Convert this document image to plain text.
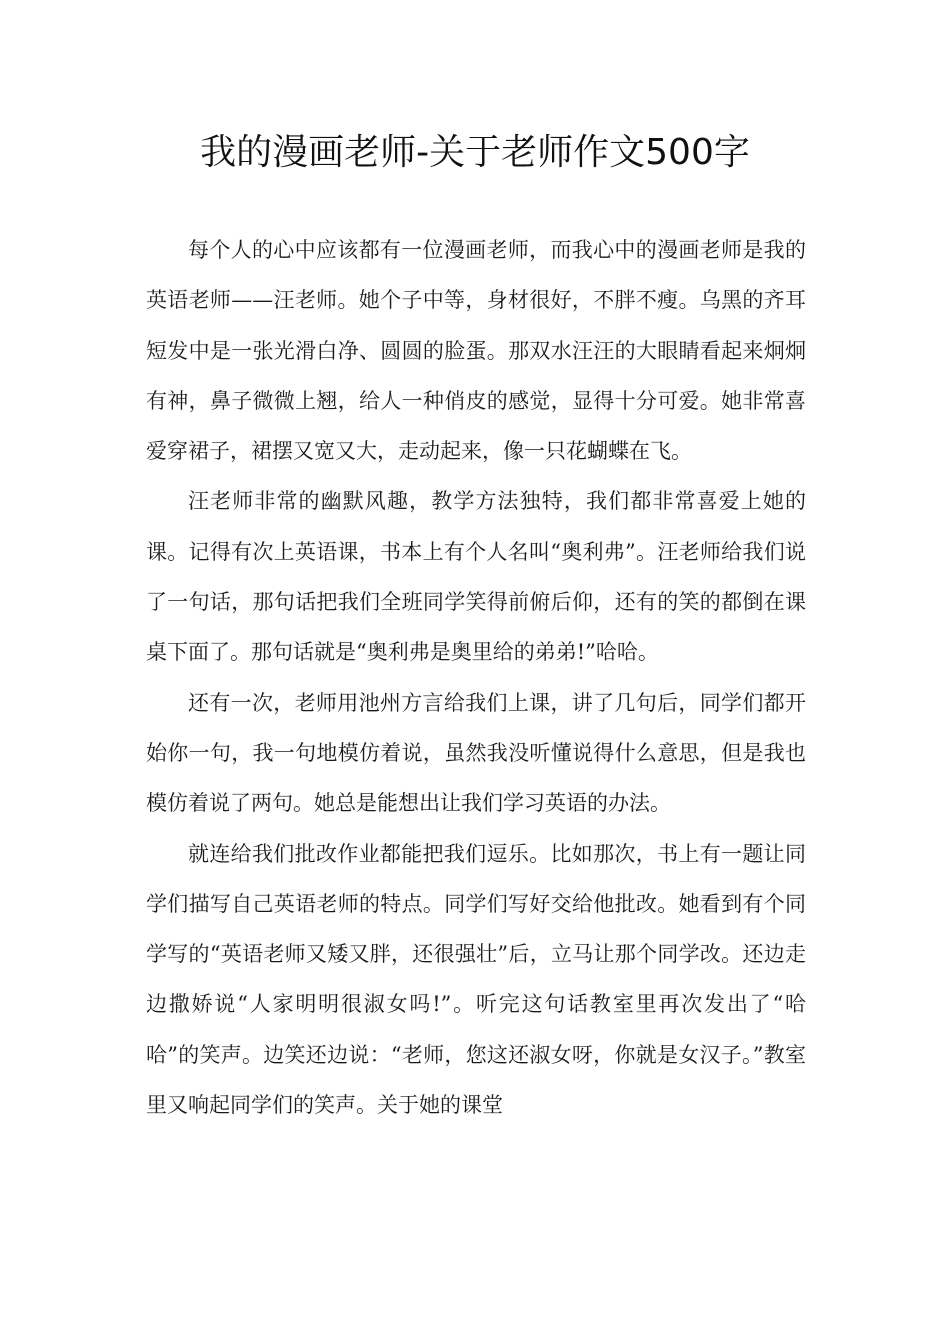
我的漫画老师-关于老师作文500字

每个人的心中应该都有一位漫画老师，而我心中的漫画老师是我的英语老师——汪老师。她个子中等，身材很好，不胖不瘦。乌黑的齐耳短发中是一张光滑白净、圆圆的脸蛋。那双水汪汪的大眼睛看起来炯炯有神，鼻子微微上翘，给人一种俏皮的感觉，显得十分可爱。她非常喜爱穿裙子，裙摆又宽又大，走动起来，像一只花蝴蝶在飞。

汪老师非常的幽默风趣，教学方法独特，我们都非常喜爱上她的课。记得有次上英语课，书本上有个人名叫“奥利弗”。汪老师给我们说了一句话，那句话把我们全班同学笑得前俯后仰，还有的笑的都倒在课桌下面了。那句话就是“奥利弗是奥里给的弟弟!”哈哈。

还有一次，老师用池州方言给我们上课，讲了几句后，同学们都开始你一句，我一句地模仿着说，虽然我没听懂说得什么意思，但是我也模仿着说了两句。她总是能想出让我们学习英语的办法。

就连给我们批改作业都能把我们逗乐。比如那次，书上有一题让同学们描写自己英语老师的特点。同学们写好交给他批改。她看到有个同学写的“英语老师又矮又胖，还很强壮”后，立马让那个同学改。还边走边撒娇说“人家明明很淑女吗!”。听完这句话教室里再次发出了“哈哈”的笑声。边笑还边说：“老师，您这还淑女呀，你就是女汉子。”教室里又响起同学们的笑声。关于她的课堂
